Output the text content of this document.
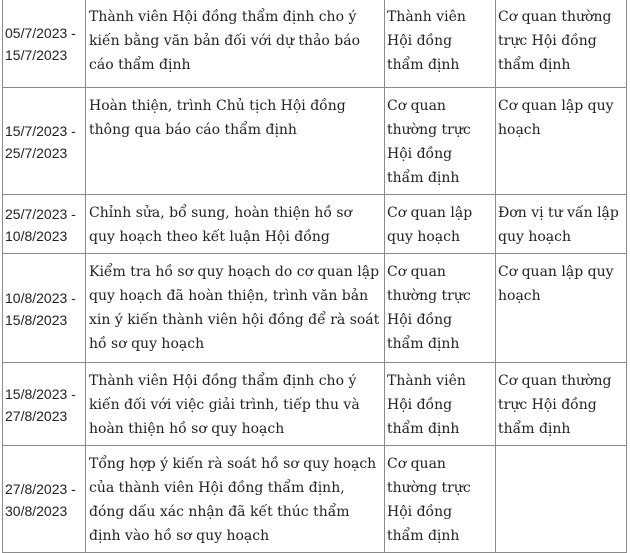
05/7/2023 -
15/7/2023	Thành viên Hội đồng thẩm định cho ý kiến bằng văn bản đối với dự thảo báo cáo thẩm định	Thành viên Hội đồng thẩm định	Cơ quan thường trực Hội đồng thẩm định
15/7/2023 -
25/7/2023	Hoàn thiện, trình Chủ tịch Hội đồng thông qua báo cáo thẩm định	Cơ quan thường trực Hội đồng thẩm định	Cơ quan lập quy hoạch
25/7/2023 -
10/8/2023	Chỉnh sửa, bổ sung, hoàn thiện hồ sơ quy hoạch theo kết luận Hội đồng	Cơ quan lập quy hoạch	Đơn vị tư vấn lập quy hoạch
10/8/2023 -
15/8/2023	Kiểm tra hồ sơ quy hoạch do cơ quan lập quy hoạch đã hoàn thiện, trình văn bản xin ý kiến thành viên hội đồng để rà soát hồ sơ quy hoạch	Cơ quan thường trực Hội đồng thẩm định	Cơ quan lập quy hoạch
15/8/2023 -
27/8/2023	Thành viên Hội đồng thẩm định cho ý kiến đối với việc giải trình, tiếp thu và hoàn thiện hồ sơ quy hoạch	Thành viên Hội đồng thẩm định	Cơ quan thường trực Hội đồng thẩm định
27/8/2023 -
30/8/2023	Tổng hợp ý kiến rà soát hồ sơ quy hoạch của thành viên Hội đồng thẩm định, đóng dấu xác nhận đã kết thúc thẩm định vào hồ sơ quy hoạch	Cơ quan thường trực Hội đồng thẩm định	
